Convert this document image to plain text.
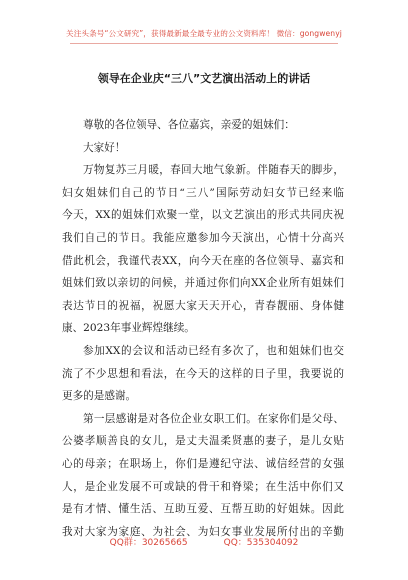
关注头条号“公文研究”，获得最新最全最专业的公文资料库！ 微信：gongwenyj
领导在企业庆“三八”文艺演出活动上的讲话
尊敬的各位领导、各位嘉宾，亲爱的姐妹们：
大家好！
万物复苏三月暖，春回大地气象新。伴随春天的脚步，
妇女姐妹们自己的节日“三八”国际劳动妇女节已经来临
今天，XX的姐妹们欢聚一堂，以文艺演出的形式共同庆祝
我们自己的节日。我能应邀参加今天演出，心情十分高兴
借此机会，我谨代表XX，向今天在座的各位领导、嘉宾和
姐妹们致以亲切的问候，并通过你们向XX企业所有姐妹们
表达节日的祝福，祝愿大家天天开心，青春靓丽、身体健
康、2023年事业辉煌继续。
参加XX的会议和活动已经有多次了，也和姐妹们也交
流了不少思想和看法，在今天的这样的日子里，我要说的
更多的是感谢。
第一层感谢是对各位企业女职工们。在家你们是父母、
公婆孝顺善良的女儿，是丈夫温柔贤惠的妻子，是儿女贴
心的母亲；在职场上，你们是遵纪守法、诚信经营的女强
人，是企业发展不可或缺的骨干和脊梁；在生活中你们又
是有才情、懂生活、互助互爱、互帮互助的好姐妹。因此
我对大家为家庭、为社会、为妇女事业发展所付出的辛勤
QQ群：30265665	QQ：535304092
